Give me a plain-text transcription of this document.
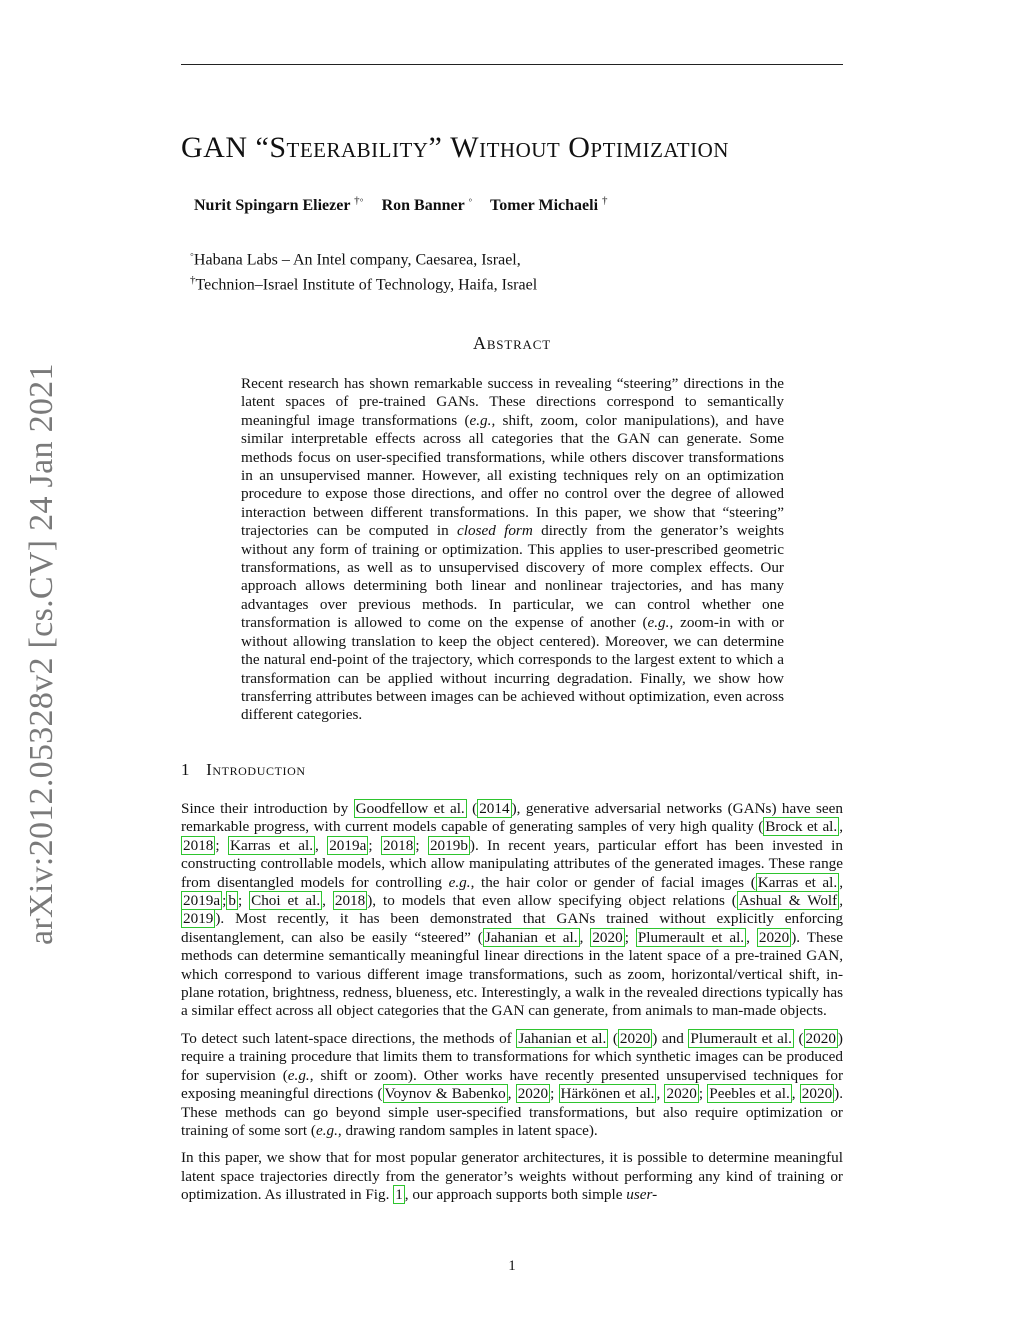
arXiv:2012.05328v2 [cs.CV] 24 Jan 2021
GAN “Steerability” Without Optimization
Nurit Spingarn Eliezer †◦ Ron Banner ◦ Tomer Michaeli †
◦Habana Labs – An Intel company, Caesarea, Israel,
†Technion–Israel Institute of Technology, Haifa, Israel
Abstract
Recent research has shown remarkable success in revealing “steering” directions in the latent spaces of pre-trained GANs. These directions correspond to semantically meaningful image transformations (e.g., shift, zoom, color manipulations), and have similar interpretable effects across all categories that the GAN can generate. Some methods focus on user-specified transformations, while others discover transformations in an unsupervised manner. However, all existing techniques rely on an optimization procedure to expose those directions, and offer no control over the degree of allowed interaction between different transformations. In this paper, we show that “steering” trajectories can be computed in closed form directly from the generator’s weights without any form of training or optimization. This applies to user-prescribed geometric transformations, as well as to unsupervised discovery of more complex effects. Our approach allows determining both linear and nonlinear trajectories, and has many advantages over previous methods. In particular, we can control whether one transformation is allowed to come on the expense of another (e.g., zoom-in with or without allowing translation to keep the object centered). Moreover, we can determine the natural end-point of the trajectory, which corresponds to the largest extent to which a transformation can be applied without incurring degradation. Finally, we show how transferring attributes between images can be achieved without optimization, even across different categories.
1 Introduction

Since their introduction by Goodfellow et al. ( 2014 ), generative adversarial networks (GANs) have seen remarkable progress, with current models capable of generating samples of very high quality ( Brock et al. , 2018 ; Karras et al. , 2019a ; 2018 ; 2019b ). In recent years, particular effort has been invested in constructing controllable models, which allow manipulating attributes of the generated images. These range from disentangled models for controlling e.g., the hair color or gender of facial images ( Karras et al. , 2019a ; b ; Choi et al. , 2018 ), to models that even allow specifying object relations ( Ashual & Wolf , 2019 ). Most recently, it has been demonstrated that GANs trained without explicitly enforcing disentanglement, can also be easily “steered” ( Jahanian et al. , 2020 ; Plumerault et al. , 2020 ). These methods can determine semantically meaningful linear directions in the latent space of a pre-trained GAN, which correspond to various different image transformations, such as zoom, horizontal/vertical shift, in-plane rotation, brightness, redness, blueness, etc. Interestingly, a walk in the revealed directions typically has a similar effect across all object categories that the GAN can generate, from animals to man-made objects.

To detect such latent-space directions, the methods of Jahanian et al. ( 2020 ) and Plumerault et al. ( 2020 ) require a training procedure that limits them to transformations for which synthetic images can be produced for supervision (e.g., shift or zoom). Other works have recently presented unsupervised techniques for exposing meaningful directions ( Voynov & Babenko , 2020 ; Härkönen et al. , 2020 ; Peebles et al. , 2020 ). These methods can go beyond simple user-specified transformations, but also require optimization or training of some sort (e.g., drawing random samples in latent space).

In this paper, we show that for most popular generator architectures, it is possible to determine meaningful latent space trajectories directly from the generator’s weights without performing any kind of training or optimization. As illustrated in Fig. 1 , our approach supports both simple user-

1
